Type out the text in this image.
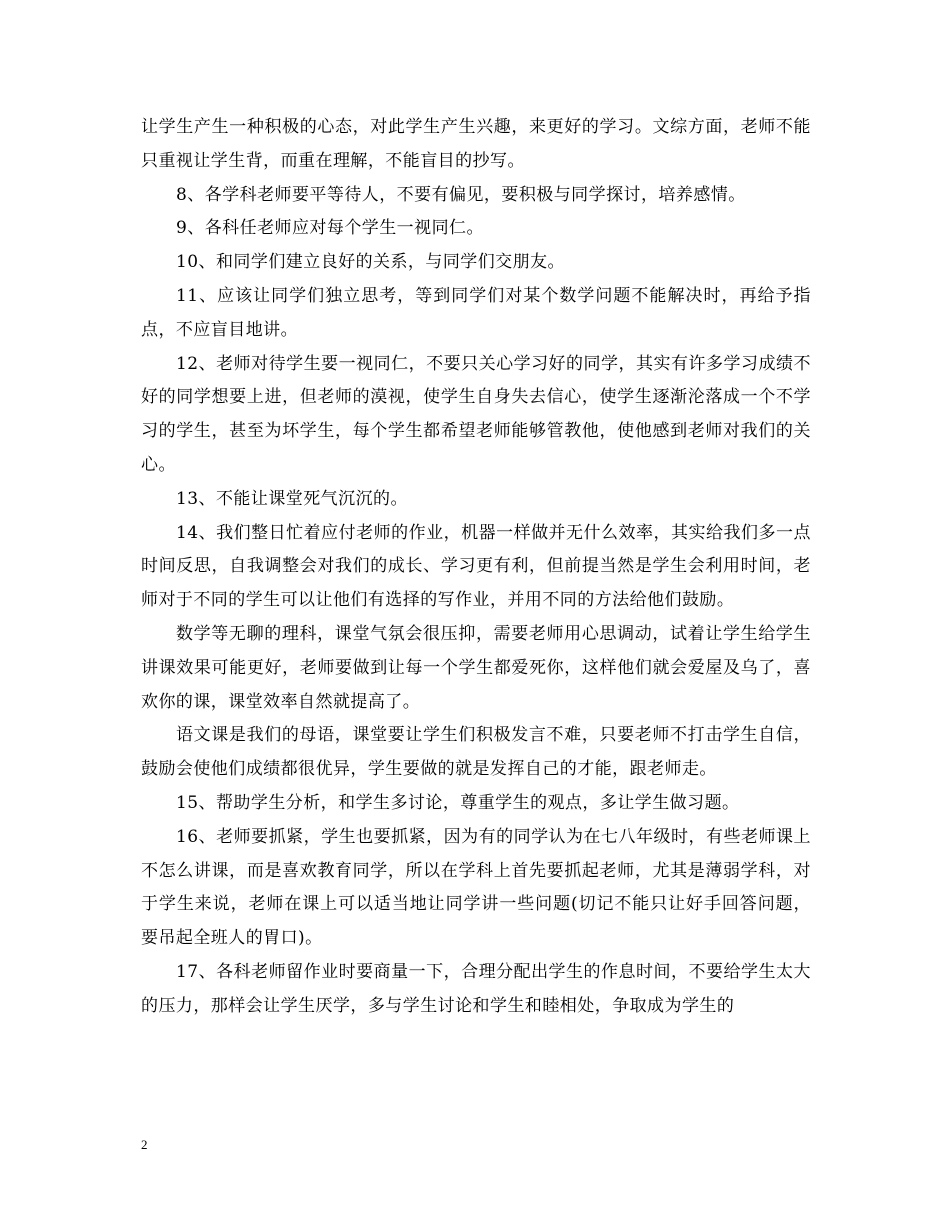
让学生产生一种积极的心态，对此学生产生兴趣，来更好的学习。文综方面，老师不能只重视让学生背，而重在理解，不能盲目的抄写。

8、各学科老师要平等待人，不要有偏见，要积极与同学探讨，培养感情。

9、各科任老师应对每个学生一视同仁。

10、和同学们建立良好的关系，与同学们交朋友。

11、应该让同学们独立思考，等到同学们对某个数学问题不能解决时，再给予指点，不应盲目地讲。

12、老师对待学生要一视同仁，不要只关心学习好的同学，其实有许多学习成绩不好的同学想要上进，但老师的漠视，使学生自身失去信心，使学生逐渐沦落成一个不学习的学生，甚至为坏学生，每个学生都希望老师能够管教他，使他感到老师对我们的关心。

13、不能让课堂死气沉沉的。

14、我们整日忙着应付老师的作业，机器一样做并无什么效率，其实给我们多一点时间反思，自我调整会对我们的成长、学习更有利，但前提当然是学生会利用时间，老师对于不同的学生可以让他们有选择的写作业，并用不同的方法给他们鼓励。

数学等无聊的理科，课堂气氛会很压抑，需要老师用心思调动，试着让学生给学生讲课效果可能更好，老师要做到让每一个学生都爱死你，这样他们就会爱屋及乌了，喜欢你的课，课堂效率自然就提高了。

语文课是我们的母语，课堂要让学生们积极发言不难，只要老师不打击学生自信，鼓励会使他们成绩都很优异，学生要做的就是发挥自己的才能，跟老师走。

15、帮助学生分析，和学生多讨论，尊重学生的观点，多让学生做习题。

16、老师要抓紧，学生也要抓紧，因为有的同学认为在七八年级时，有些老师课上不怎么讲课，而是喜欢教育同学，所以在学科上首先要抓起老师，尤其是薄弱学科，对于学生来说，老师在课上可以适当地让同学讲一些问题(切记不能只让好手回答问题，要吊起全班人的胃口)。

17、各科老师留作业时要商量一下，合理分配出学生的作息时间，不要给学生太大的压力，那样会让学生厌学，多与学生讨论和学生和睦相处，争取成为学生的

2
